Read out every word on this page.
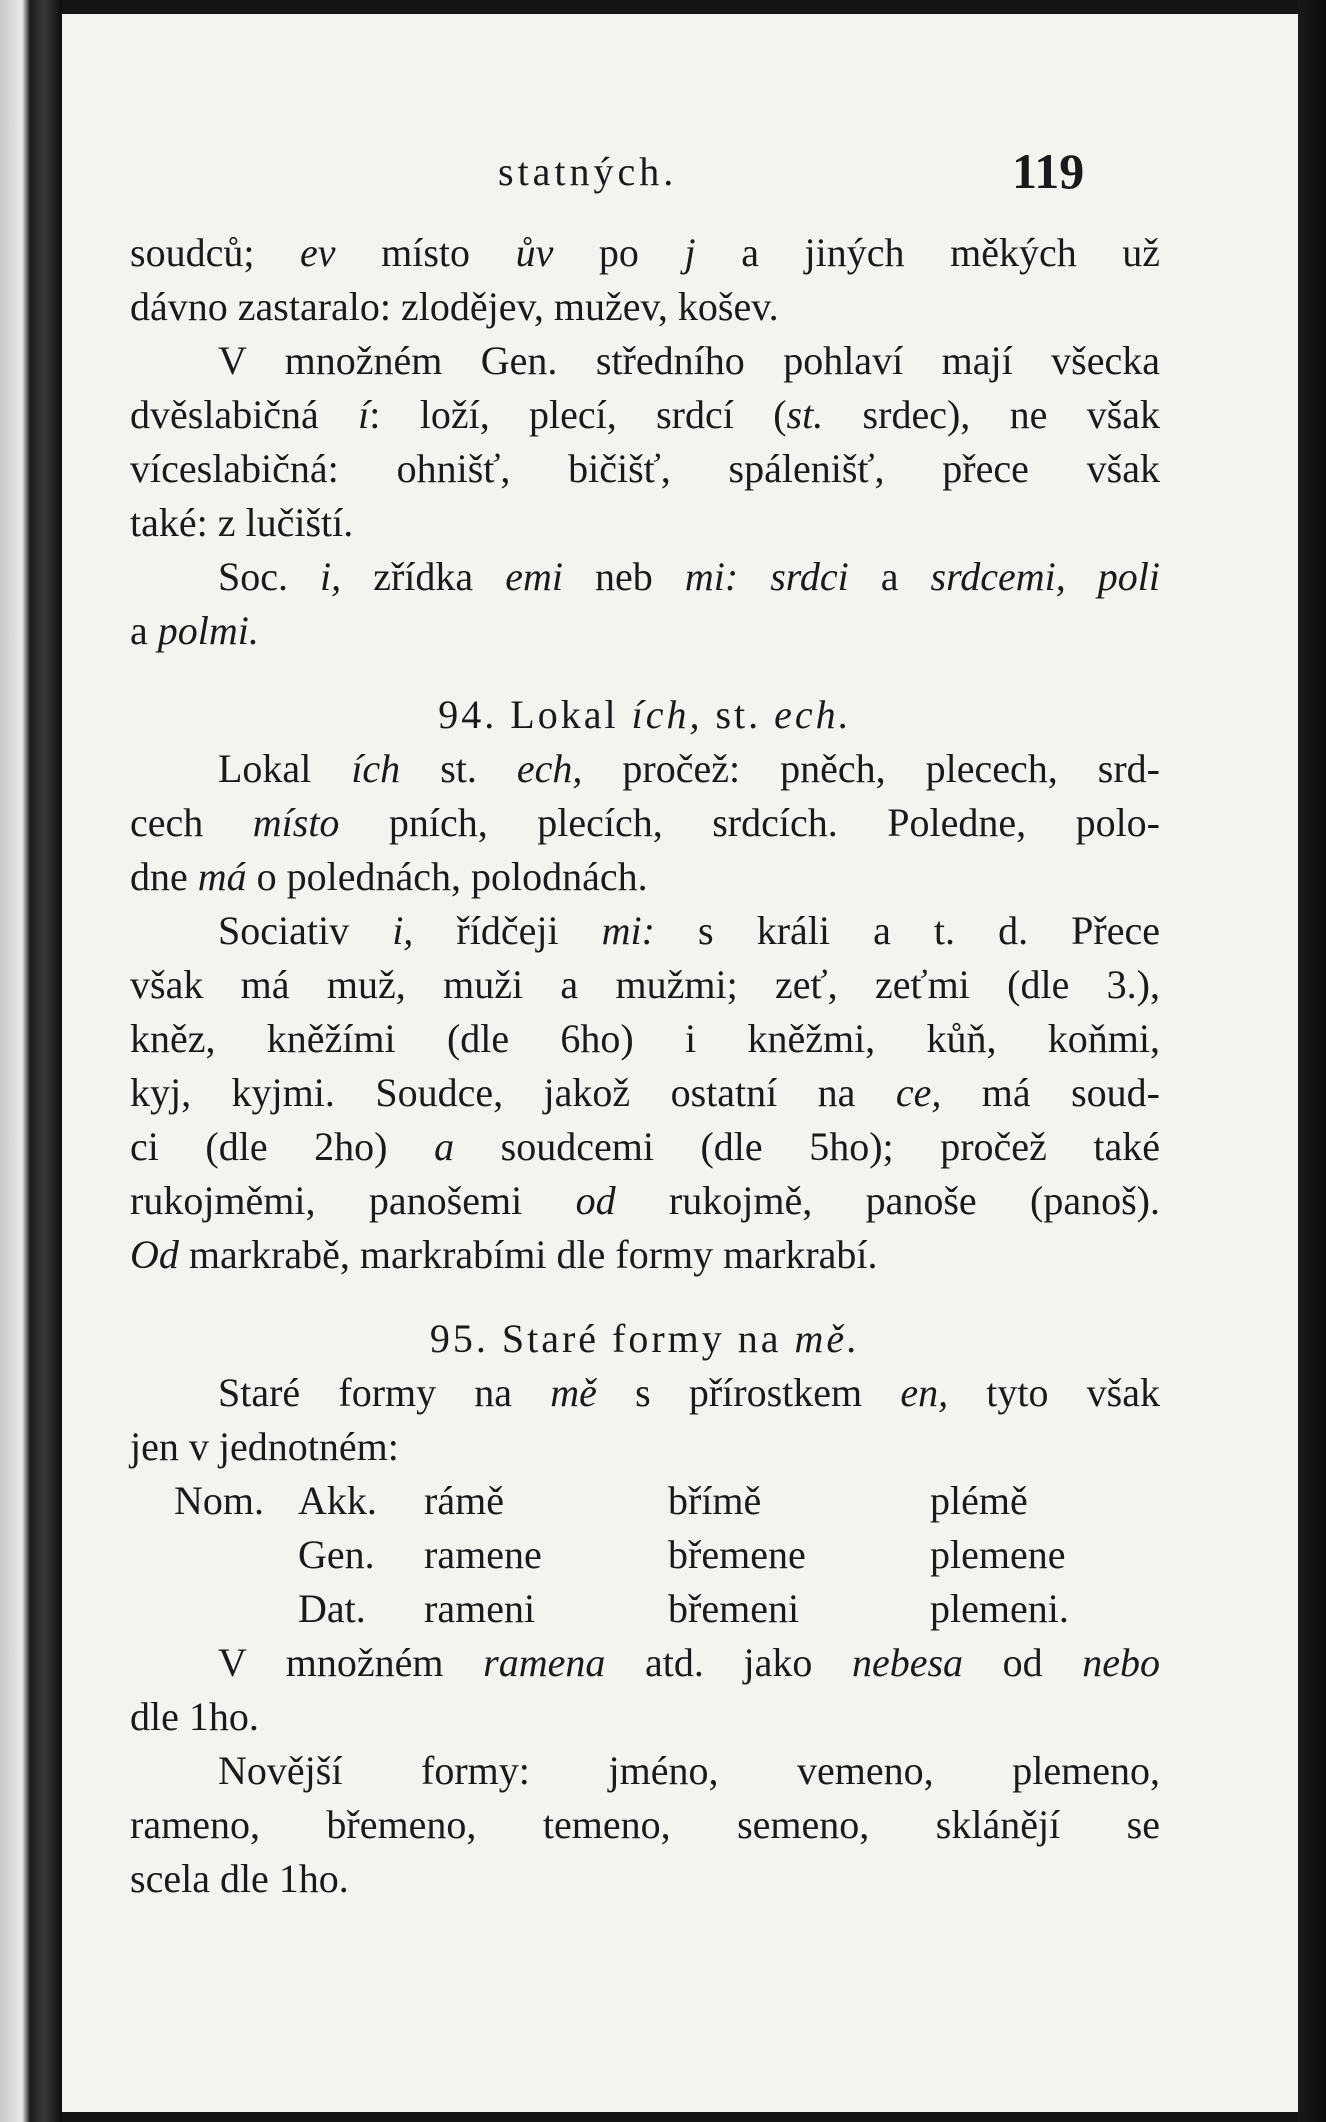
statných.	119
soudců; ev místo ův po j a jiných měkých už
dávno zastaralo: zlodějev, mužev, košev.
V množném Gen. středního pohlaví mají všecka
dvěslabičná í: loží, plecí, srdcí (st. srdec), ne však
víceslabičná: ohnišť, bičišť, spálenišť, přece však
také: z lučiští.
Soc. i, zřídka emi neb mi: srdci a srdcemi, poli
a polmi.
94. Lokal ích, st. ech.
Lokal ích st. ech, pročež: pněch, plecech, srd-
cech místo pních, plecích, srdcích. Poledne, polo-
dne má o polednách, polodnách.
Sociativ i, řídčeji mi: s králi a t. d. Přece
však má muž, muži a mužmi; zeť, zeťmi (dle 3.),
kněz, kněžími (dle 6ho) i kněžmi, kůň, koňmi,
kyj, kyjmi. Soudce, jakož ostatní na ce, má soud-
ci (dle 2ho) a soudcemi (dle 5ho); pročež také
rukojměmi, panošemi od rukojmě, panoše (panoš).
Od markrabě, markrabími dle formy markrabí.
95. Staré formy na mě.
Staré formy na mě s přírostkem en, tyto však
jen v jednotném:
Nom. Akk.	rámě	břímě	plémě
Gen.	ramene	břemene	plemene
Dat.	rameni	břemeni	plemeni.
V množném ramena atd. jako nebesa od nebo
dle 1ho.
Novější formy: jméno, vemeno, plemeno,
rameno, břemeno, temeno, semeno, sklánějí se
scela dle 1ho.
